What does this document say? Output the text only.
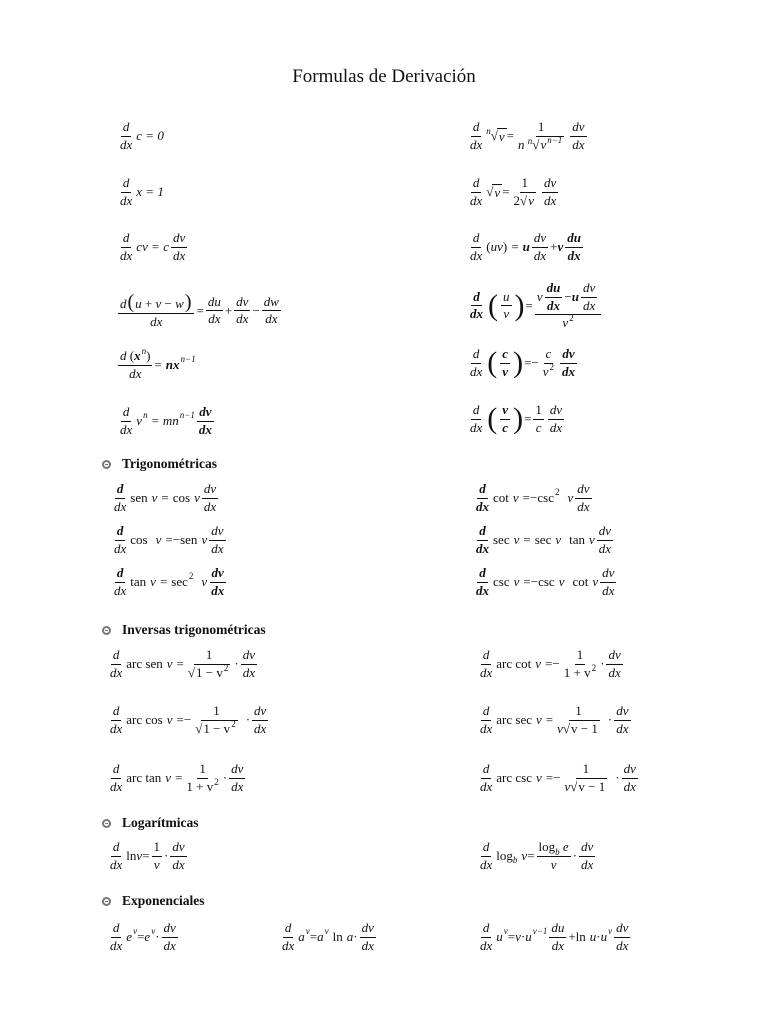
Formulas de Derivación
d
dx
c = 0
d
dx
x = 1
d
dx
c v = c
dv
dx
$\frac{d(u + v - w)}{dx} = \frac{du}{dx} + \frac{dv}{dx} - \frac{dw}{dx}$
$\frac{d (x^n)}{dx}$ = nx n−1
d
dx
v n = mn n−1 dv
dx
d
dx
n √ $v = \frac{1}{n ^n√v^{n-1}}$ dv
dx
d
dx
√ $v = \frac{1}{2√v}$ dv
dx
d
dx
( u v ) = u
dv
dx
+ v
du
dx
d
dx ( u
v ) =
v
du
dx
− u
dv
dx
$v^2$
d
dx ( c
v ) = − $\frac{c}{v^2}$ dv
dx
d
dx ( v
c ) = $\frac{1}{c}$ dv
dx
Trigonométricas
d
dx
sen v = cos v
dv
dx
d
dx
cos v = − sen v
dv
dx
d
dx
tan v = sec 2 v
dv
dx
d
dx
cot v = − csc 2 v
dv
dx
d
dx
sec v = sec v tan v
dv
dx
d
dx
csc v = − csc v cot v
dv
dx
Inversas trigonométricas
d
dx
arc sen $v = \frac{1}{√1 - v^2}$ ·
dv
dx
d
dx
arc cos v = − $\frac{1}{√1 - v^2}$ ·
dv
dx
d
dx
arc $\tan v = \frac{1}{1 + v^2}$ ·
dv
dx
d
dx
arc cot v = − $\frac{1}{1 + v^2}$ ·
dv
dx
d
dx
arc $\sec v = \frac{1}{v√v - 1}$ ·
dv
dx
d
dx
arc csc v = − $\frac{1}{v√v - 1}$ ·
dv
dx
Logarítmicas
d
dx
$\ln v = \frac{1}{v}$ ·
dv
dx
d
dx
log b $v = \frac{\log_b e}{v}$ ·
dv
dx
Exponenciales
d
dx
e v = e v ·
dv
dx
d
dx
a v = a v ln a ·
dv
dx
d
dx
u v = v · u v−1 du
dx
+ ln u · u v dv
dx
